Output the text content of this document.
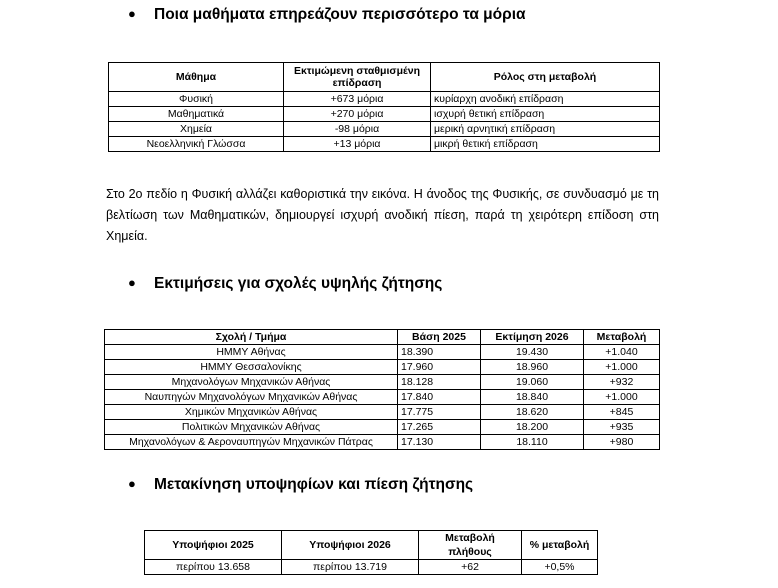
● Ποια μαθήματα επηρεάζουν περισσότερο τα μόρια
Μάθημα	Εκτιμώμενη σταθμισμένη επίδραση	Ρόλος στη μεταβολή
Φυσική	+673 μόρια	κυρίαρχη ανοδική επίδραση
Μαθηματικά	+270 μόρια	ισχυρή θετική επίδραση
Χημεία	-98 μόρια	μερική αρνητική επίδραση
Νεοελληνική Γλώσσα	+13 μόρια	μικρή θετική επίδραση
Στο 2ο πεδίο η Φυσική αλλάζει καθοριστικά την εικόνα. Η άνοδος της Φυσικής, σε συνδυασμό με τη βελτίωση των Μαθηματικών, δημιουργεί ισχυρή ανοδική πίεση, παρά τη χειρότερη επίδοση στη Χημεία.
● Εκτιμήσεις για σχολές υψηλής ζήτησης
Σχολή / Τμήμα	Βάση 2025	Εκτίμηση 2026	Μεταβολή
ΗΜΜΥ Αθήνας	18.390	19.430	+1.040
ΗΜΜΥ Θεσσαλονίκης	17.960	18.960	+1.000
Μηχανολόγων Μηχανικών Αθήνας	18.128	19.060	+932
Ναυπηγών Μηχανολόγων Μηχανικών Αθήνας	17.840	18.840	+1.000
Χημικών Μηχανικών Αθήνας	17.775	18.620	+845
Πολιτικών Μηχανικών Αθήνας	17.265	18.200	+935
Μηχανολόγων & Αεροναυπηγών Μηχανικών Πάτρας	17.130	18.110	+980
● Μετακίνηση υποψηφίων και πίεση ζήτησης
Υποψήφιοι 2025	Υποψήφιοι 2026	Μεταβολή πλήθους	% μεταβολή
περίπου 13.658	περίπου 13.719	+62	+0,5%
